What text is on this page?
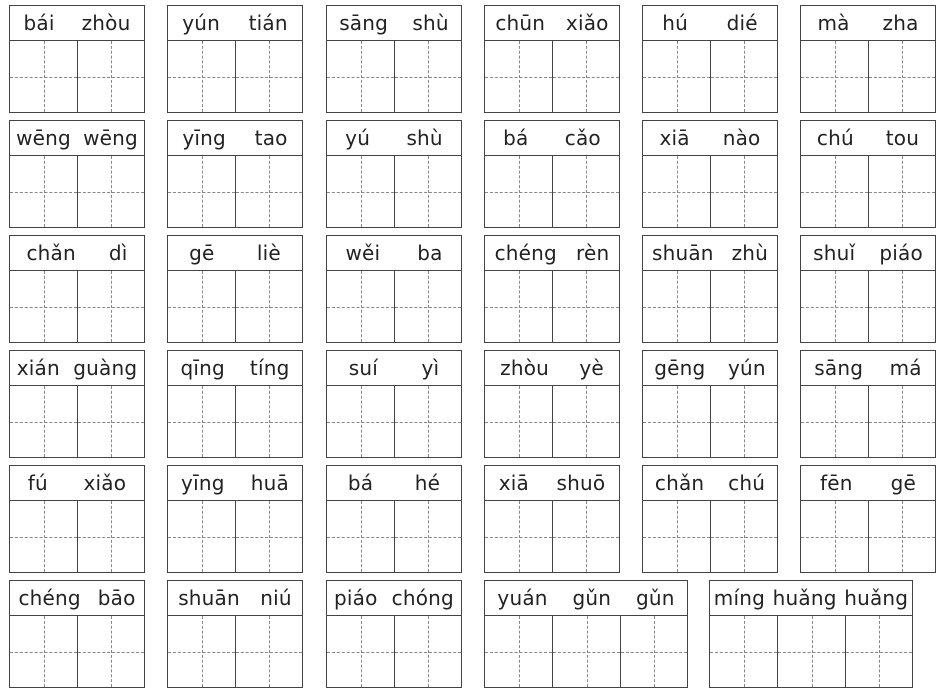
bái zhòu	yún tián	sāng shù chūn xiǎo	hú dié	mà zha
wēng wēng yīng tao	yú shù	bá cǎo	xiā nào	chú tou
chǎn dì	gē liè	wěi ba	chéng rèn shuān zhù shuǐ piáo
xián guàng qīng tíng	suí yì	zhòu yè	gēng yún sāng má
fú xiǎo	yīng huā	bá hé	xiā shuō chǎn chú	fēn gē
chéng bāo shuān niú piáo chóng yuán gǔn gǔn míng huǎng huǎng
